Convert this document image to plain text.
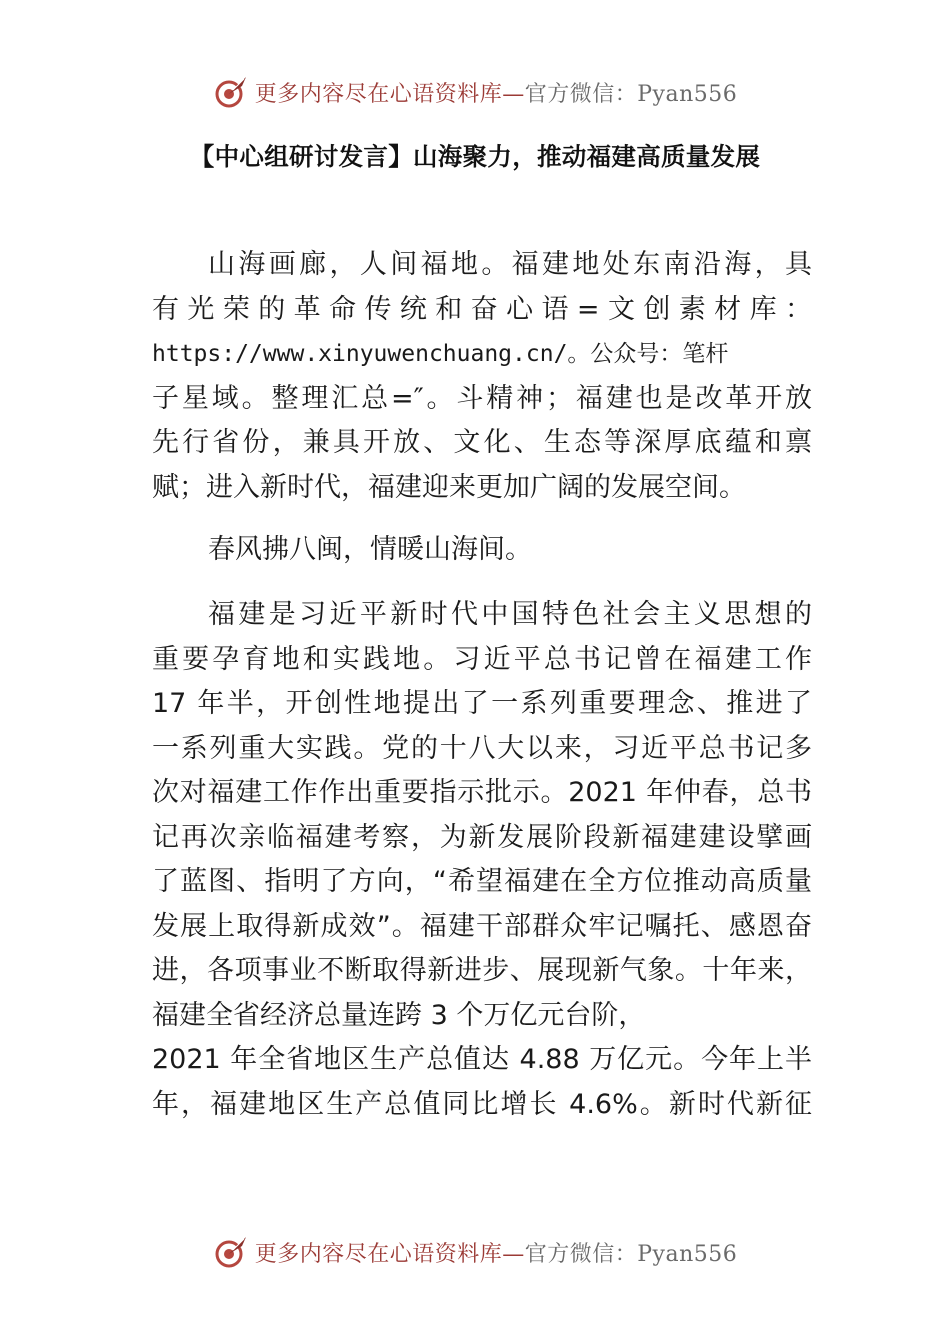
更多内容尽在心语资料库—官方微信：Pyan556
【中心组研讨发言】山海聚力，推动福建高质量发展
山海画廊，人间福地。福建地处东南沿海，具
有光荣的革命传统和奋心语=文创素材库：
https://www.xinyuwenchuang.cn/。公众号：笔杆
子星域。整理汇总=″。斗精神；福建也是改革开放
先行省份，兼具开放、文化、生态等深厚底蕴和禀
赋；进入新时代，福建迎来更加广阔的发展空间。
春风拂八闽，情暖山海间。
福建是习近平新时代中国特色社会主义思想的
重要孕育地和实践地。习近平总书记曾在福建工作
17 年半，开创性地提出了一系列重要理念、推进了
一系列重大实践。党的十八大以来，习近平总书记多
次对福建工作作出重要指示批示。2021 年仲春，总书
记再次亲临福建考察，为新发展阶段新福建建设擘画
了蓝图、指明了方向，“希望福建在全方位推动高质量
发展上取得新成效”。福建干部群众牢记嘱托、感恩奋
进，各项事业不断取得新进步、展现新气象。十年来，
福建全省经济总量连跨 3 个万亿元台阶，
2021 年全省地区生产总值达 4.88 万亿元。今年上半
年，福建地区生产总值同比增长 4.6%。新时代新征
更多内容尽在心语资料库—官方微信：Pyan556
